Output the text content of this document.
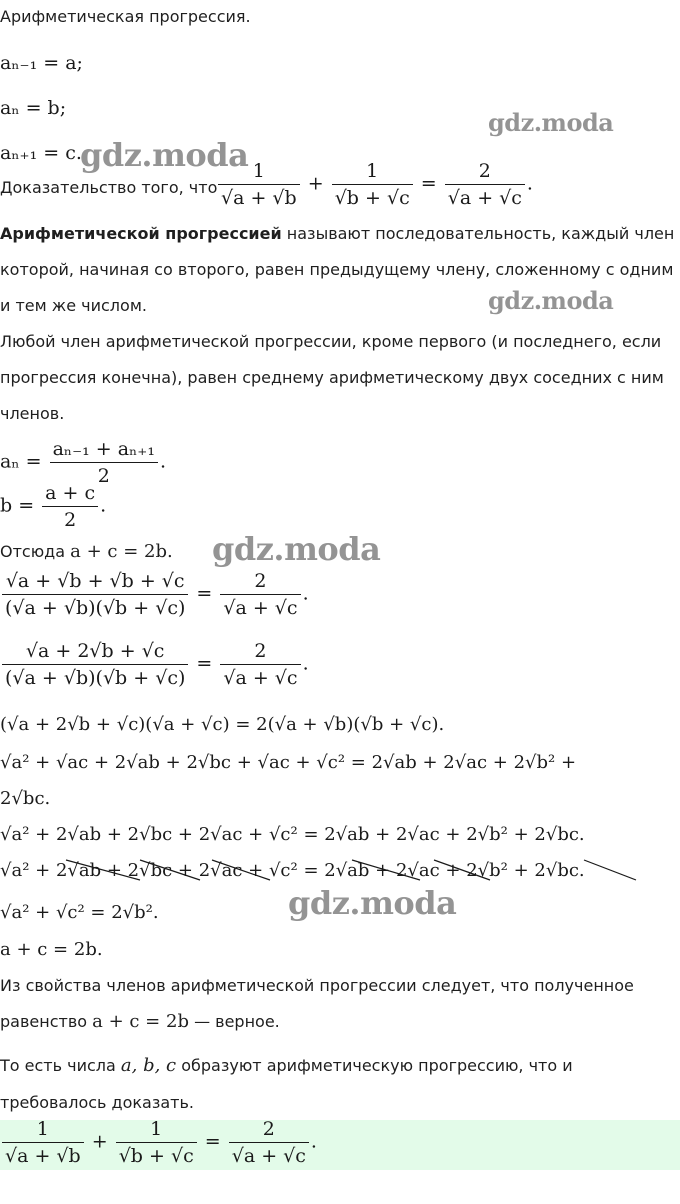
Арифметическая прогрессия.
aₙ₋₁ = a;
aₙ = b;
aₙ₊₁ = c.
Доказательство того, что $\frac{1}{√a + √b} + \frac{1}{√b + √c} = \frac{2}{√a + √c}$ .
Арифметической прогрессией называют последовательность, каждый член
которой, начиная со второго, равен предыдущему члену, сложенному с одним
и тем же числом.
Любой член арифметической прогрессии, кроме первого (и последнего, если
прогрессия конечна), равен среднему арифметическому двух соседних с ним
членов.
$a_n = \frac{\text{aₙ₋₁ + aₙ₊₁}}{2}$ .
$b = \frac{a + c}{2}$ .
Отсюда a + c = 2b.
$\frac{√a + √b + √b + √c}{(√a + √b)(√b + √c)} = \frac{2}{√a + √c}$ .
$\frac{√a + 2√b + √c}{(√a + √b)(√b + √c)} = \frac{2}{√a + √c}$ .
(√a + 2√b + √c)(√a + √c) = 2(√a + √b)(√b + √c).
√a² + √ac + 2√ab + 2√bc + √ac + √c² = 2√ab + 2√ac + 2√b² +
2√bc.
√a² + 2√ab + 2√bc + 2√ac + √c² = 2√ab + 2√ac + 2√b² + 2√bc.
√a² + 2√ab + 2√bc + 2√ac + √c² = 2√ab + 2√ac + 2√b² + 2√bc.
√a² + √c² = 2√b².
a + c = 2b.
Из свойства членов арифметической прогрессии следует, что полученное
равенство a + c = 2b — верное.
То есть числа a, b, c образуют арифметическую прогрессию, что и
требовалось доказать.
$\frac{1}{√a + √b} + \frac{1}{√b + √c} = \frac{2}{√a + √c}$ .
gdz.moda
gdz.moda
gdz.moda
gdz.moda
gdz.moda
